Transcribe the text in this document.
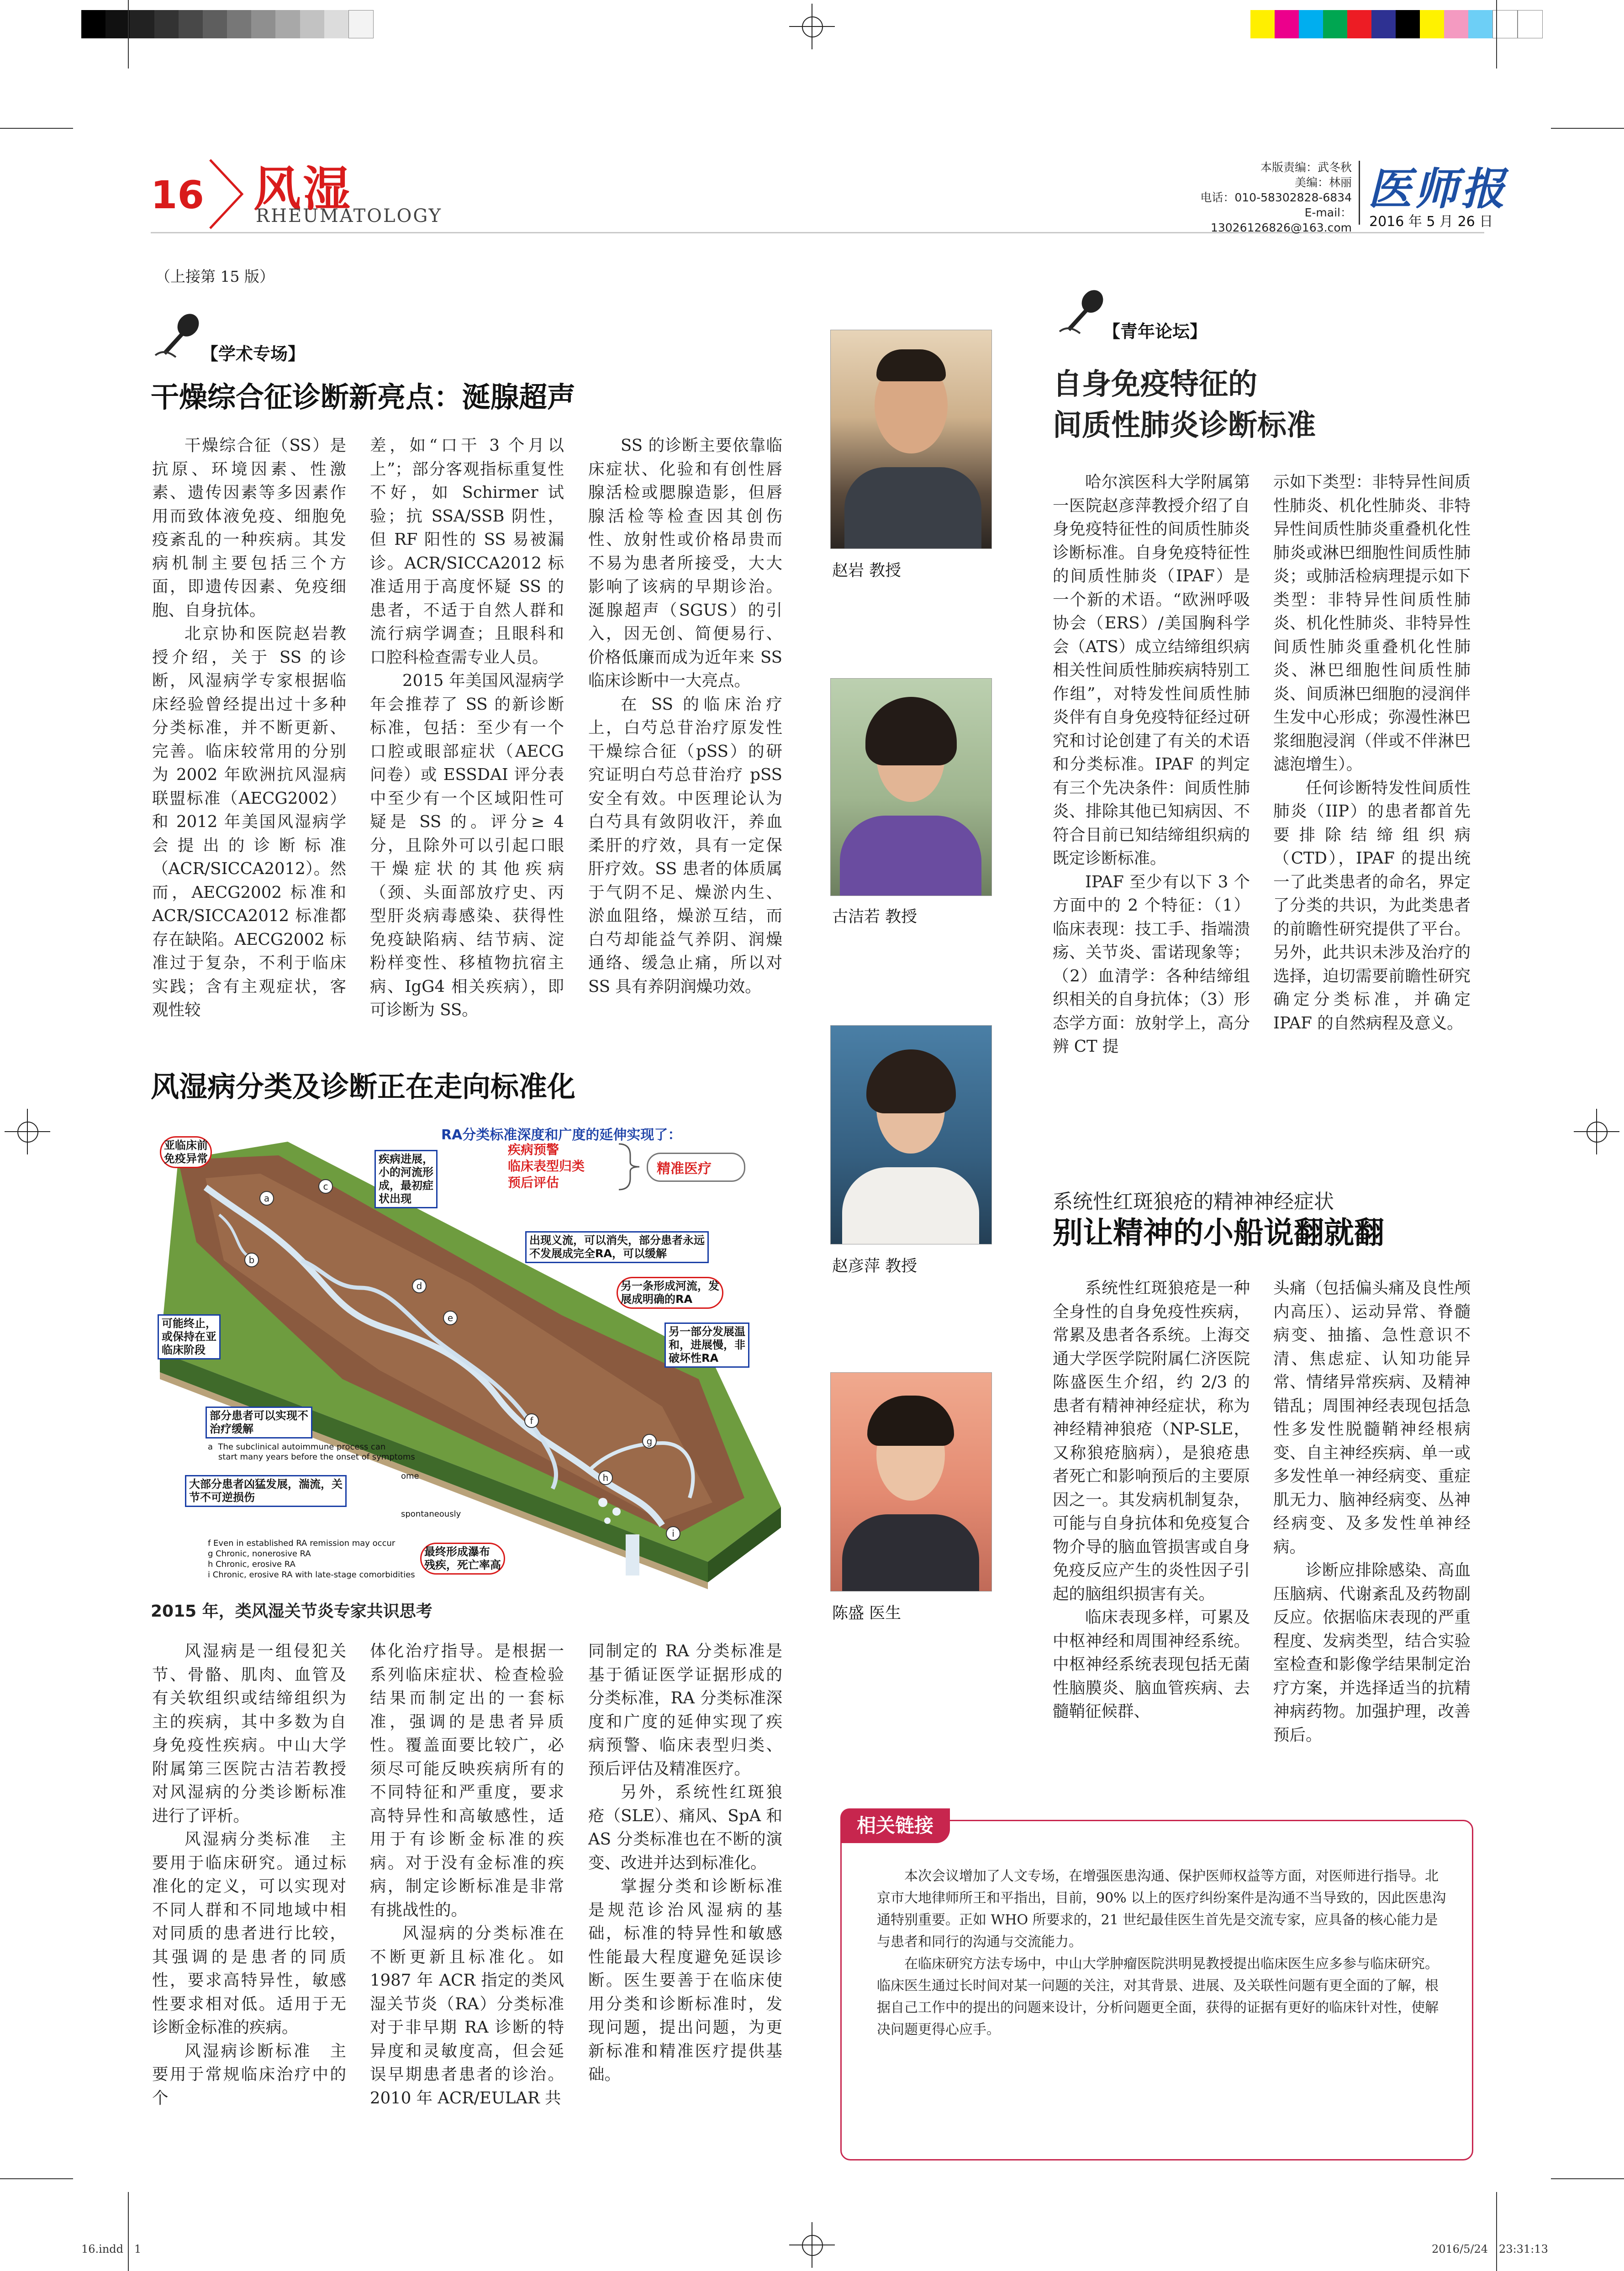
16 风湿
RHEUMATOLOGY
本版责编：武冬秋
美编：林丽
电话：010-58302828-6834
E-mail：13026126826@163.com
医师报
2016 年 5 月 26 日
（上接第 15 版）
【学术专场】
干燥综合征诊断新亮点：涎腺超声

干燥综合征（SS）是抗原、环境因素、性激素、遗传因素等多因素作用而致体液免疫、细胞免疫紊乱的一种疾病。其发病机制主要包括三个方面，即遗传因素、免疫细胞、自身抗体。

北京协和医院赵岩教授介绍，关于 SS 的诊断，风湿病学专家根据临床经验曾经提出过十多种分类标准，并不断更新、完善。临床较常用的分别为 2002 年欧洲抗风湿病联盟标准（AECG2002）和 2012 年美国风湿病学会提出的诊断标准（ACR/SICCA2012）。然而，AECG2002 标准和 ACR/SICCA2012 标准都存在缺陷。AECG2002 标准过于复杂，不利于临床实践；含有主观症状，客观性较

差，如“口干 3 个月以上”；部分客观指标重复性不好，如 Schirmer 试验；抗 SSA/SSB 阴性，但 RF 阳性的 SS 易被漏诊。ACR/SICCA2012 标准适用于高度怀疑 SS 的患者，不适于自然人群和流行病学调查；且眼科和口腔科检查需专业人员。

2015 年美国风湿病学年会推荐了 SS 的新诊断标准，包括：至少有一个口腔或眼部症状（AECG 问卷）或 ESSDAI 评分表中至少有一个区域阳性可疑是 SS 的。评分≥ 4 分，且除外可以引起口眼干燥症状的其他疾病（颈、头面部放疗史、丙型肝炎病毒感染、获得性免疫缺陷病、结节病、淀粉样变性、移植物抗宿主病、IgG4 相关疾病），即可诊断为 SS。

SS 的诊断主要依靠临床症状、化验和有创性唇腺活检或腮腺造影，但唇腺活检等检查因其创伤性、放射性或价格昂贵而不易为患者所接受，大大影响了该病的早期诊治。涎腺超声（SGUS）的引入，因无创、简便易行、价格低廉而成为近年来 SS 临床诊断中一大亮点。

在 SS 的临床治疗上，白芍总苷治疗原发性干燥综合征（pSS）的研究证明白芍总苷治疗 pSS 安全有效。中医理论认为白芍具有敛阴收汗，养血柔肝的疗效，具有一定保肝疗效。SS 患者的体质属于气阴不足、燥淤内生、淤血阻络，燥淤互结，而白芍却能益气养阴、润燥通络、缓急止痛，所以对 SS 具有养阴润燥功效。

风湿病分类及诊断正在走向标准化
a
b
c
d
e
f
g
h
i
RA分类标准深度和广度的延伸实现了：
疾病预警
临床表型归类
预后评估
精准医疗
亚临床前
免疫异常	疾病进展，
小的河流形
成，最初症
状出现
出现义流，可以消失，部分患者永远
不发展成完全RA，可以缓解
另一条形成河流，发
展成明确的RA
另一部分发展温
和，进展慢，非
破坏性RA
可能终止，
或保持在亚
临床阶段
部分患者可以实现不
治疗缓解
a  The subclinical autoimmune process can
start many years before the onset of symptoms
大部分患者凶猛发展，湍流，关
节不可逆损伤
ome
spontaneously
f Even in established RA remission may occur
g Chronic, nonerosive RA
h Chronic, erosive RA
i Chronic, erosive RA with late-stage comorbidities
最终形成瀑布
残疾，死亡率高
2015 年，类风湿关节炎专家共识思考

风湿病是一组侵犯关节、骨骼、肌肉、血管及有关软组织或结缔组织为主的疾病，其中多数为自身免疫性疾病。中山大学附属第三医院古洁若教授对风湿病的分类诊断标准进行了评析。

风湿病分类标准　主要用于临床研究。通过标准化的定义，可以实现对不同人群和不同地域中相对同质的患者进行比较，其强调的是患者的同质性，要求高特异性，敏感性要求相对低。适用于无诊断金标准的疾病。

风湿病诊断标准　主要用于常规临床治疗中的个

体化治疗指导。是根据一系列临床症状、检查检验结果而制定出的一套标准，强调的是患者异质性。覆盖面要比较广，必须尽可能反映疾病所有的不同特征和严重度，要求高特异性和高敏感性，适用于有诊断金标准的疾病。对于没有金标准的疾病，制定诊断标准是非常有挑战性的。

风湿病的分类标准在不断更新且标准化。如 1987 年 ACR 指定的类风湿关节炎（RA）分类标准对于非早期 RA 诊断的特异度和灵敏度高，但会延误早期患者患者的诊治。2010 年 ACR/EULAR 共

同制定的 RA 分类标准是基于循证医学证据形成的分类标准，RA 分类标准深度和广度的延伸实现了疾病预警、临床表型归类、预后评估及精准医疗。

另外，系统性红斑狼疮（SLE）、痛风、SpA 和 AS 分类标准也在不断的演变、改进并达到标准化。

掌握分类和诊断标准是规范诊治风湿病的基础，标准的特异性和敏感性能最大程度避免延误诊断。医生要善于在临床使用分类和诊断标准时，发现问题，提出问题，为更新标准和精准医疗提供基础。

赵岩 教授
古洁若 教授
赵彦萍 教授
陈盛 医生
【青年论坛】
自身免疫特征的
间质性肺炎诊断标准

哈尔滨医科大学附属第一医院赵彦萍教授介绍了自身免疫特征性的间质性肺炎诊断标准。自身免疫特征性的间质性肺炎（IPAF）是一个新的术语。“欧洲呼吸协会（ERS）/美国胸科学会（ATS）成立结缔组织病相关性间质性肺疾病特别工作组”，对特发性间质性肺炎伴有自身免疫特征经过研究和讨论创建了有关的术语和分类标准。IPAF 的判定有三个先决条件：间质性肺炎、排除其他已知病因、不符合目前已知结缔组织病的既定诊断标准。

IPAF 至少有以下 3 个方面中的 2 个特征：（1）临床表现：技工手、指端溃疡、关节炎、雷诺现象等；（2）血清学：各种结缔组织相关的自身抗体；（3）形态学方面：放射学上，高分辨 CT 提

示如下类型：非特异性间质性肺炎、机化性肺炎、非特异性间质性肺炎重叠机化性肺炎或淋巴细胞性间质性肺炎；或肺活检病理提示如下类型：非特异性间质性肺炎、机化性肺炎、非特异性间质性肺炎重叠机化性肺炎、淋巴细胞性间质性肺炎、间质淋巴细胞的浸润伴生发中心形成；弥漫性淋巴浆细胞浸润（伴或不伴淋巴滤泡增生）。

任何诊断特发性间质性肺炎（IIP）的患者都首先要排除结缔组织病（CTD），IPAF 的提出统一了此类患者的命名，界定了分类的共识，为此类患者的前瞻性研究提供了平台。另外，此共识未涉及治疗的选择，迫切需要前瞻性研究确定分类标准，并确定 IPAF 的自然病程及意义。

系统性红斑狼疮的精神神经症状
别让精神的小船说翻就翻

系统性红斑狼疮是一种全身性的自身免疫性疾病，常累及患者各系统。上海交通大学医学院附属仁济医院陈盛医生介绍，约 2/3 的患者有精神神经症状，称为神经精神狼疮（NP-SLE，又称狼疮脑病），是狼疮患者死亡和影响预后的主要原因之一。其发病机制复杂，可能与自身抗体和免疫复合物介导的脑血管损害或自身免疫反应产生的炎性因子引起的脑组织损害有关。

临床表现多样，可累及中枢神经和周围神经系统。中枢神经系统表现包括无菌性脑膜炎、脑血管疾病、去髓鞘征候群、

头痛（包括偏头痛及良性颅内高压）、运动异常、脊髓病变、抽搐、急性意识不清、焦虑症、认知功能异常、情绪异常疾病、及精神错乱；周围神经表现包括急性多发性脱髓鞘神经根病变、自主神经疾病、单一或多发性单一神经病变、重症肌无力、脑神经病变、丛神经病变、及多发性单神经病。

诊断应排除感染、高血压脑病、代谢紊乱及药物副反应。依据临床表现的严重程度、发病类型，结合实验室检查和影像学结果制定治疗方案，并选择适当的抗精神病药物。加强护理，改善预后。

相关链接

本次会议增加了人文专场，在增强医患沟通、保护医师权益等方面，对医师进行指导。北京市大地律师所王和平指出，目前，90% 以上的医疗纠纷案件是沟通不当导致的，因此医患沟通特别重要。正如 WHO 所要求的，21 世纪最佳医生首先是交流专家，应具备的核心能力是与患者和同行的沟通与交流能力。

在临床研究方法专场中，中山大学肿瘤医院洪明晃教授提出临床医生应多参与临床研究。临床医生通过长时间对某一问题的关注，对其背景、进展、及关联性问题有更全面的了解，根据自己工作中的提出的问题来设计，分析问题更全面，获得的证据有更好的临床针对性，使解决问题更得心应手。

16.indd　1	2016/5/24　23:31:13
